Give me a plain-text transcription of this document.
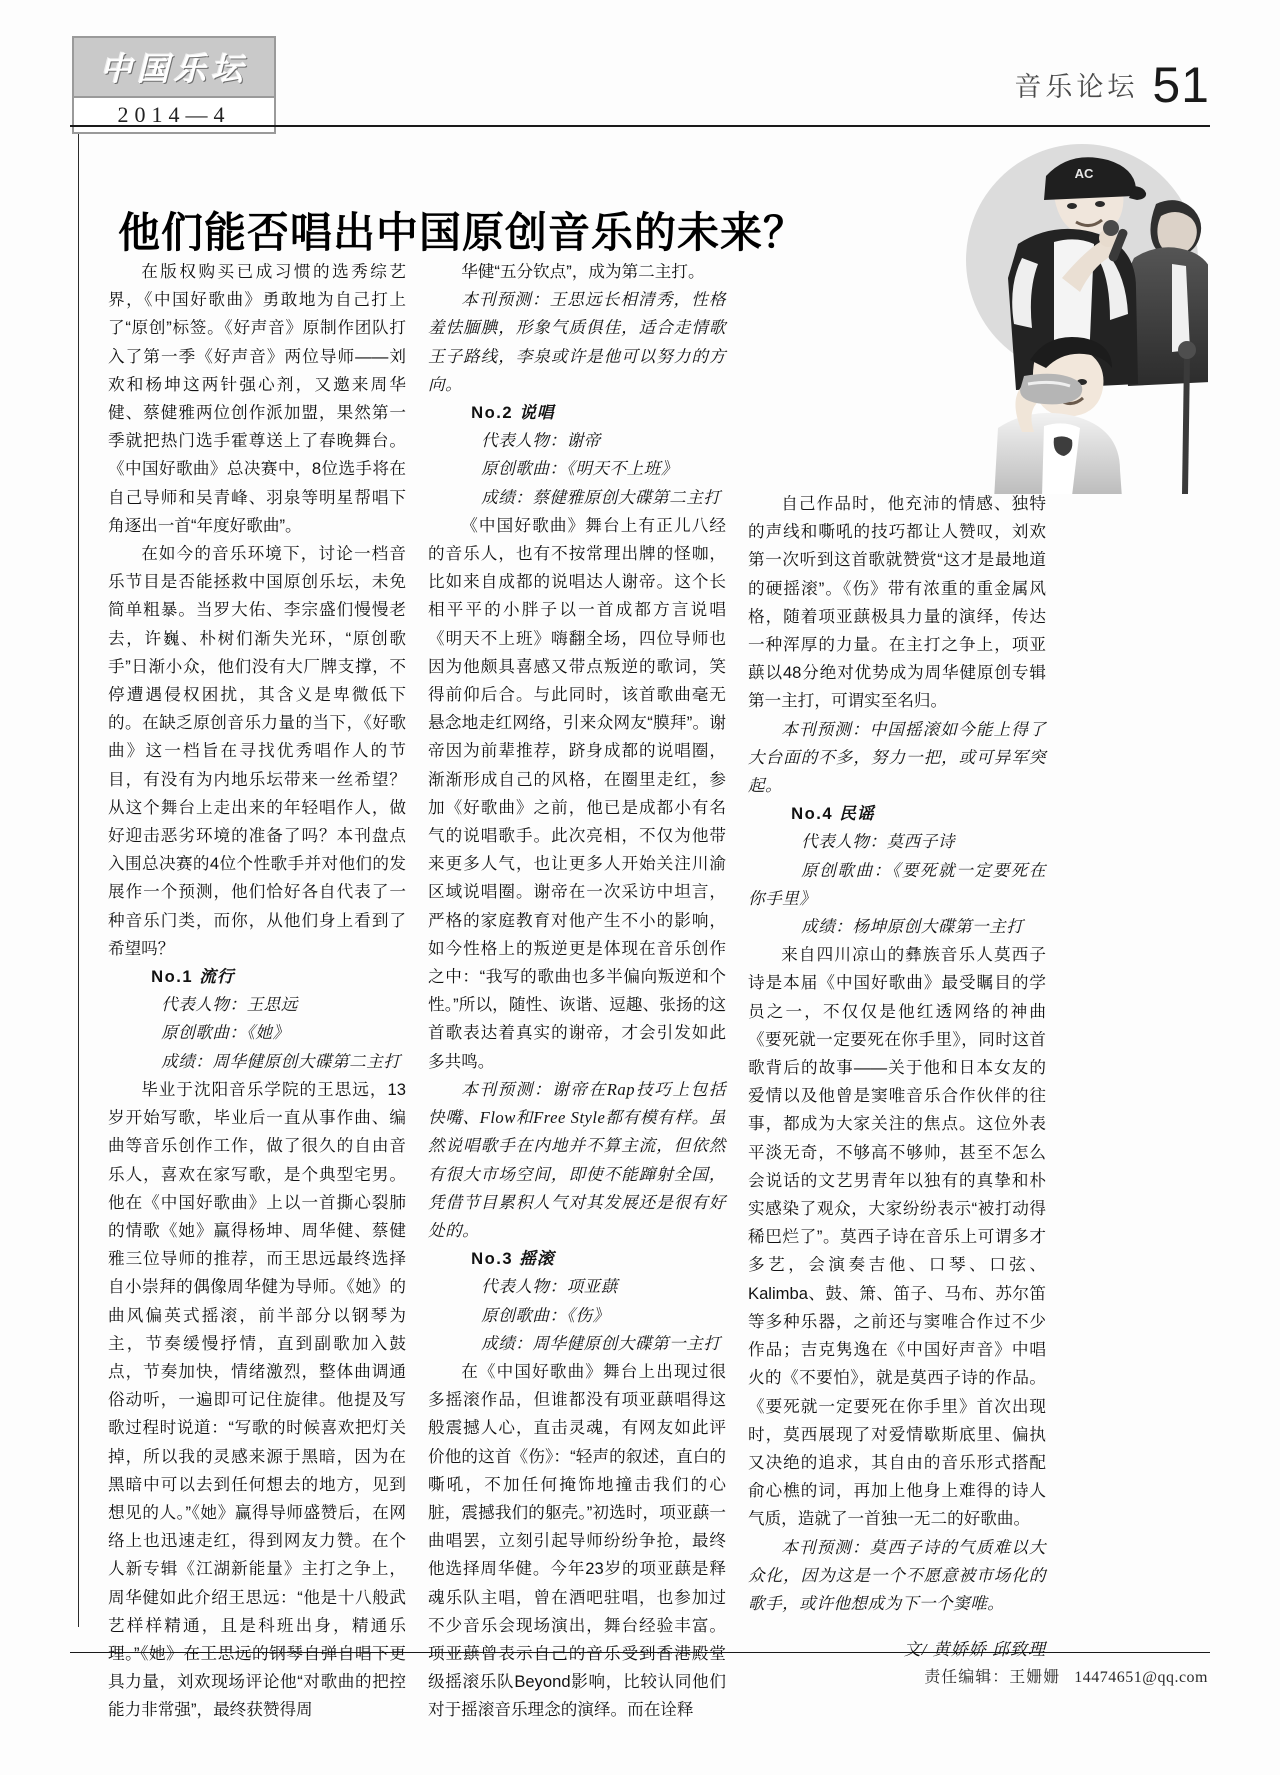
中国乐坛
2014—4
音乐论坛 51
AC
他们能否唱出中国原创音乐的未来？

在版权购买已成习惯的选秀综艺界，《中国好歌曲》勇敢地为自己打上了“原创”标签。《好声音》原制作团队打入了第一季《好声音》两位导师——刘欢和杨坤这两针强心剂，又邀来周华健、蔡健雅两位创作派加盟，果然第一季就把热门选手霍尊送上了春晚舞台。《中国好歌曲》总决赛中，8位选手将在自己导师和吴青峰、羽泉等明星帮唱下角逐出一首“年度好歌曲”。

在如今的音乐环境下，讨论一档音乐节目是否能拯救中国原创乐坛，未免简单粗暴。当罗大佑、李宗盛们慢慢老去，许巍、朴树们渐失光环，“原创歌手”日渐小众，他们没有大厂牌支撑，不停遭遇侵权困扰，其含义是卑微低下的。在缺乏原创音乐力量的当下，《好歌曲》这一档旨在寻找优秀唱作人的节目，有没有为内地乐坛带来一丝希望？从这个舞台上走出来的年轻唱作人，做好迎击恶劣环境的准备了吗？本刊盘点入围总决赛的4位个性歌手并对他们的发展作一个预测，他们恰好各自代表了一种音乐门类，而你，从他们身上看到了希望吗？

No.1 流行

代表人物：王思远

原创歌曲：《她》

成绩：周华健原创大碟第二主打

毕业于沈阳音乐学院的王思远，13岁开始写歌，毕业后一直从事作曲、编曲等音乐创作工作，做了很久的自由音乐人，喜欢在家写歌，是个典型宅男。他在《中国好歌曲》上以一首撕心裂肺的情歌《她》赢得杨坤、周华健、蔡健雅三位导师的推荐，而王思远最终选择自小崇拜的偶像周华健为导师。《她》的曲风偏英式摇滚，前半部分以钢琴为主，节奏缓慢抒情，直到副歌加入鼓点，节奏加快，情绪激烈，整体曲调通俗动听，一遍即可记住旋律。他提及写歌过程时说道：“写歌的时候喜欢把灯关掉，所以我的灵感来源于黑暗，因为在黑暗中可以去到任何想去的地方，见到想见的人。”《她》赢得导师盛赞后，在网络上也迅速走红，得到网友力赞。在个人新专辑《江湖新能量》主打之争上，周华健如此介绍王思远：“他是十八般武艺样样精通，且是科班出身，精通乐理。”《她》在王思远的钢琴自弹自唱下更具力量，刘欢现场评论他“对歌曲的把控能力非常强”，最终获赞得周

华健“五分钦点”，成为第二主打。

本刊预测：王思远长相清秀，性格羞怯腼腆，形象气质俱佳，适合走情歌王子路线，李泉或许是他可以努力的方向。

No.2 说唱

代表人物：谢帝

原创歌曲：《明天不上班》

成绩：蔡健雅原创大碟第二主打

《中国好歌曲》舞台上有正儿八经的音乐人，也有不按常理出牌的怪咖，比如来自成都的说唱达人谢帝。这个长相平平的小胖子以一首成都方言说唱《明天不上班》嗨翻全场，四位导师也因为他颇具喜感又带点叛逆的歌词，笑得前仰后合。与此同时，该首歌曲毫无悬念地走红网络，引来众网友“膜拜”。谢帝因为前辈推荐，跻身成都的说唱圈，渐渐形成自己的风格，在圈里走红，参加《好歌曲》之前，他已是成都小有名气的说唱歌手。此次亮相，不仅为他带来更多人气，也让更多人开始关注川渝区域说唱圈。谢帝在一次采访中坦言，严格的家庭教育对他产生不小的影响，如今性格上的叛逆更是体现在音乐创作之中：“我写的歌曲也多半偏向叛逆和个性。”所以，随性、诙谐、逗趣、张扬的这首歌表达着真实的谢帝，才会引发如此多共鸣。

本刊预测：谢帝在Rap技巧上包括快嘴、Flow和Free Style都有模有样。虽然说唱歌手在内地并不算主流，但依然有很大市场空间，即使不能蹿射全国，凭借节目累积人气对其发展还是很有好处的。

No.3 摇滚

代表人物：项亚蕻

原创歌曲：《伤》

成绩：周华健原创大碟第一主打

在《中国好歌曲》舞台上出现过很多摇滚作品，但谁都没有项亚蕻唱得这般震撼人心，直击灵魂，有网友如此评价他的这首《伤》：“轻声的叙述，直白的嘶吼，不加任何掩饰地撞击我们的心脏，震撼我们的躯壳。”初选时，项亚蕻一曲唱罢，立刻引起导师纷纷争抢，最终他选择周华健。今年23岁的项亚蕻是释魂乐队主唱，曾在酒吧驻唱，也参加过不少音乐会现场演出，舞台经验丰富。项亚蕻曾表示自己的音乐受到香港殿堂级摇滚乐队Beyond影响，比较认同他们对于摇滚音乐理念的演绎。而在诠释

自己作品时，他充沛的情感、独特的声线和嘶吼的技巧都让人赞叹，刘欢第一次听到这首歌就赞赏“这才是最地道的硬摇滚”。《伤》带有浓重的重金属风格，随着项亚蕻极具力量的演绎，传达一种浑厚的力量。在主打之争上，项亚蕻以48分绝对优势成为周华健原创专辑第一主打，可谓实至名归。

本刊预测：中国摇滚如今能上得了大台面的不多，努力一把，或可异军突起。

No.4 民谣

代表人物：莫西子诗

原创歌曲：《要死就一定要死在你手里》

成绩：杨坤原创大碟第一主打

来自四川凉山的彝族音乐人莫西子诗是本届《中国好歌曲》最受瞩目的学员之一，不仅仅是他红透网络的神曲《要死就一定要死在你手里》，同时这首歌背后的故事——关于他和日本女友的爱情以及他曾是窦唯音乐合作伙伴的往事，都成为大家关注的焦点。这位外表平淡无奇，不够高不够帅，甚至不怎么会说话的文艺男青年以独有的真挚和朴实感染了观众，大家纷纷表示“被打动得稀巴烂了”。莫西子诗在音乐上可谓多才多艺，会演奏吉他、口琴、口弦、Kalimba、鼓、箫、笛子、马布、苏尔笛等多种乐器，之前还与窦唯合作过不少作品；吉克隽逸在《中国好声音》中唱火的《不要怕》，就是莫西子诗的作品。《要死就一定要死在你手里》首次出现时，莫西展现了对爱情歇斯底里、偏执又决绝的追求，其自由的音乐形式搭配俞心樵的词，再加上他身上难得的诗人气质，造就了一首独一无二的好歌曲。

本刊预测：莫西子诗的气质难以大众化，因为这是一个不愿意被市场化的歌手，或许他想成为下一个窦唯。

文/ 黄娇娇 邱致理

责任编辑：王姗姗 14474651@qq.com
